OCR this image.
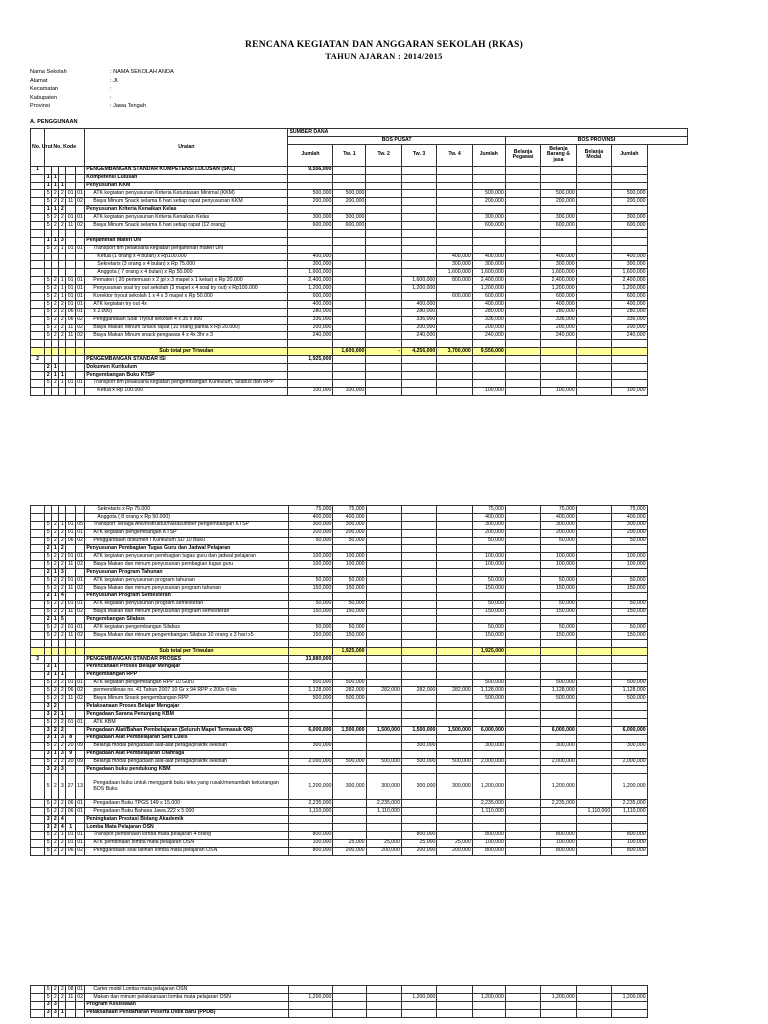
RENCANA KEGIATAN DAN ANGGARAN SEKOLAH (RKAS)
TAHUN AJARAN : 2014/2015
Nama Sekolah	: NAMA SEKOLAH ANDA
Alamat	: Jl.
Kecamatan	:
Kabupaten	:
Provinsi	: Jawa Tengah
A. PENGGUNAAN
No. Urut	No. Kode					Uraian	SUMBER DANA									
							BOS PUSAT						BOS PROVINSI			
							Jumlah	Tw. 1	Tw. 2	Tw. 3	Tw. 4	Jumlah	Belanja Pegawai	Belanja Barang & jasa	Belanja Modal	Jumlah
1						PENGEMBANGAN STANDAR KOMPETENSI LULUSAN (SKL)	9,556,000									
	1	1				Kompetensi Lulusan										
	1	1	1			Penyusunan KKM										
	5	2	2	01	01	ATK kegiatan penyusunan Kriteria Ketuntasan Minimal (KKM)	500,000	500,000				500,000		500,000		500,000
	5	2	2	11	02	Biaya Minum Snack selama 6 hari setiap rapat penyusunan KKM	200,000	200,000				200,000		200,000		200,000
	1	1	2			Penyusunan Kriteria Kenaikan Kelas										
	5	2	2	01	01	ATK kegiatan penyusunan Kriteria Kenaikan Kelas	300,000	300,000				300,000		300,000		300,000
	5	2	2	11	02	Biaya Minum Snack selama 6 hari setiap rapat (12 orang)	600,000	600,000				600,000		600,000		600,000

	1	1	3			Penjaminan Materi UN										
	5	2	1	01	01	Transport tim pelaksana kegiatan penjaminan materi UN										
						Ketua (1 orang x 4 bulan) x Rp100.000	400,000				400,000	400,000		400,000		400,000
						Sekretaris (3 orang x 4 bulan) x Rp 75.000	300,000				300,000	300,000		300,000		300,000
						Anggota ( 7 orang x 4 bulan) x Rp 50.000	1,600,000				1,600,000	1,600,000		1,600,000		1,600,000
	5	2	1	01	01	Pemateri ( 20 pertemuan x 2 jpl x 3 mapel x 1 kelas) x Rp 20.000	2,400,000			1,600,000	800,000	2,400,000		2,400,000		2,400,000
	5	2	1	01	01	Penyusunan soal try out sekolah (3 mapel x 4 soal try out) x Rp100.000	1,200,000			1,200,000		1,200,000		1,200,000		1,200,000
	5	2	1	01	01	Korektor tryout sekolah 1 x 4 x 3 mapel x Rp 50.000	600,000				600,000	600,000		600,000		600,000
	5	2	2	01	01	ATK kegiatan try out 4x	400,000			400,000		400,000		400,000		400,000
	5	2	2	06	01	x 2.000)	280,000			280,000		280,000		280,000		280,000
	5	2	2	06	02	Penggandaan Soal Tryout sekolah 4 x 35 x 800	336,000			336,000		336,000		336,000		336,000
	5	2	2	11	02	Biaya Makan Minum Snack rapat (10 orang pantia x Rp 20.000)	200,000			200,000		200,000		200,000		200,000
	5	2	2	11	02	Biaya Makan Minum snack pengawas 4 x 4x 3hr x 3	240,000			240,000		240,000		240,000		240,000

						Sub total per Triwulan		1,600,000	-	4,256,000	3,700,000	9,556,000				
2						PENGEMBANGAN STANDAR ISI	1,925,000									
	2	1				Dokumen Kurikulum										
	2	1	1			Pengembangan Buku KTSP										
	5	2	1	01	01	Transport tim pelaksana kegiatan pengembangan Kurikulum, Silabus dan RPP										
						Ketua x Rp 100.000	100,000	100,000				100,000		100,000		100,000
						Sekretaris x Rp 75.000	75,000	75,000				75,000		75,000		75,000
						Anggota ( 8 orang x Rp 50.000)	400,000	400,000				400,000		400,000		400,000
	5	2	1	01	05	Transport Tenaga Ahli/Instruktur/Narasumber pengembangan KTSP	300,000	300,000				300,000		300,000		300,000
	5	2	2	01	01	ATK kegiatan pengembangan KTSP	200,000	200,000				200,000		200,000		200,000
	5	2	2	06	02	Penggandaan dokumen I Kurikulum SD 10 Buku	50,000	50,000				50,000		50,000		50,000
	2	1	2			Penyusunan Pembagian Tugas Guru dan Jadwal Pelajaran										
	5	2	2	01	01	ATK kegiatan penyusunan pembagian tugas guru dan jadwal pelajaran	100,000	100,000				100,000		100,000		100,000
	5	2	2	11	02	Biaya Makan dan minum penyusunan pembagian tugas guru	100,000	100,000				100,000		100,000		100,000
	2	1	3			Penyusunan Program Tahunan										
	5	2	2	01	01	ATK kegiatan penyusunan program tahunan	50,000	50,000				50,000		50,000		50,000
	5	2	2	11	02	Biaya Makan dan minum penyusunan program tahunan	150,000	150,000				150,000		150,000		150,000
	2	1	4			Penyusunan Program Semesteran										
	5	2	2	01	01	ATK kegiatan penyusunan program semesteran	50,000	50,000				50,000		50,000		50,000
	5	2	2	11	02	Biaya Makan dan minum penyusunan program semesteran	150,000	150,000				150,000		150,000		150,000
	2	1	5			Pengembangan Silabus										
	5	2	2	01	01	ATK kegiatan pengembangan Silabus	50,000	50,000				50,000		50,000		50,000
	5	2	2	11	02	Biaya Makan dan minum pengembangan Silabus 10 orang x 3 hari x5	150,000	150,000				150,000		150,000		150,000

						Sub total per Triwulan		1,925,000				1,925,000				
3						PENGEMBANGAN STANDAR PROSES	33,880,000									
	3	1				Perencanaan Proses Belajar Mengajar										
	3	1	1			Pengembangan RPP										
	5	2	2	01	01	ATK kegiatan pengembangan RPP 10 Guru	500,000	500,000				500,000		500,000		500,000
	5	2	2	06	02	permendiknas no. 41 Tahun 2007 10 Gr x 94 RPP x 200x 6 kls	1,128,000	282,000	282,000	282,000	282,000	1,128,000		1,128,000		1,128,000
	5	2	2	11	02	Biaya Minum Snack pengembangan RPP	500,000	500,000				500,000		500,000		500,000
	3	2				Pelaksanaan Proses Belajar Mengajar										
	3	2	1			Pengadaan Sarana Penunjang KBM										
	5	2	2	01	01	ATK KBM										
	3	2	2			Pengadaan Alat/Bahan Pembelajaran (Seluruh Mapel Termasuk OR)	6,000,000	1,500,000	1,500,000	1,500,000	1,500,000	6,000,000		6,000,000		6,000,000
	3	1	3	8		Pengadaan Alat Pembelajaran Seni Lukis										
	5	2	2	20	09	Belanja modal pengadaan alat-alat peraga/praktik sekolah	300,000			300,000		300,000		300,000		300,000
	3	1	3	9		Pengadaan Alat Pembelajaran Olahraga										
	5	2	2	20	09	Belanja modal pengadaan alat-alat peraga/praktik sekolah	2,000,000	500,000	500,000	500,000	500,000	2,000,000		2,000,000		2,000,000
	3	2	3			Pengadaan buku pendukung KBM										
	5	2	3	27	13	Pengadaan buku untuk mengganti buku teks yang rusak/menambah kekurangan BOS Buku	1,200,000	300,000	300,000	300,000	300,000	1,200,000		1,200,000		1,200,000
	5	2	2	06	01	Pengadaan Buku TPGS 149 x 15.000	2,235,000		2,235,000			2,235,000		2,235,000		2,235,000
	5	2	2	06	01	Pengadaan Buku Bahasa Jawa 222 x 5.000	1,110,000		1,110,000			1,110,000			1,110,000	1,110,000
	3	2	4			Peningkatan Prestasi Bidang Akademik										
	3	2	4	1		Lomba Mata Pelajaran OSN										
	5	2	1	01	01	Transpot pembinaan lomba mata pelajaran 4 orang	800,000			800,000		800,000		800,000		800,000
	5	2	2	01	01	ATK pembinaan lomba mata pelajaran OSN	100,000	25,000	25,000	25,000	25,000	100,000		100,000		100,000
	5	2	2	06	02	Penggandaan soal latihan lomba mata pelajaran OSN	800,000	200,000	200,000	200,000	200,000	800,000		800,000		800,000
	5	2	2	08	01	Carter mobil Lomba mata pelajaran OSN										
	5	2	2	11	02	Makan dan minum pelaksanaan lomba mata pelajaran OSN	1,200,000			1,200,000		1,200,000		1,200,000		1,200,000
	3	3				Program Kesiswaan										
	3	3	1			Pelaksanaan Pendaftaran Peserta Didik baru (PPDB)										
